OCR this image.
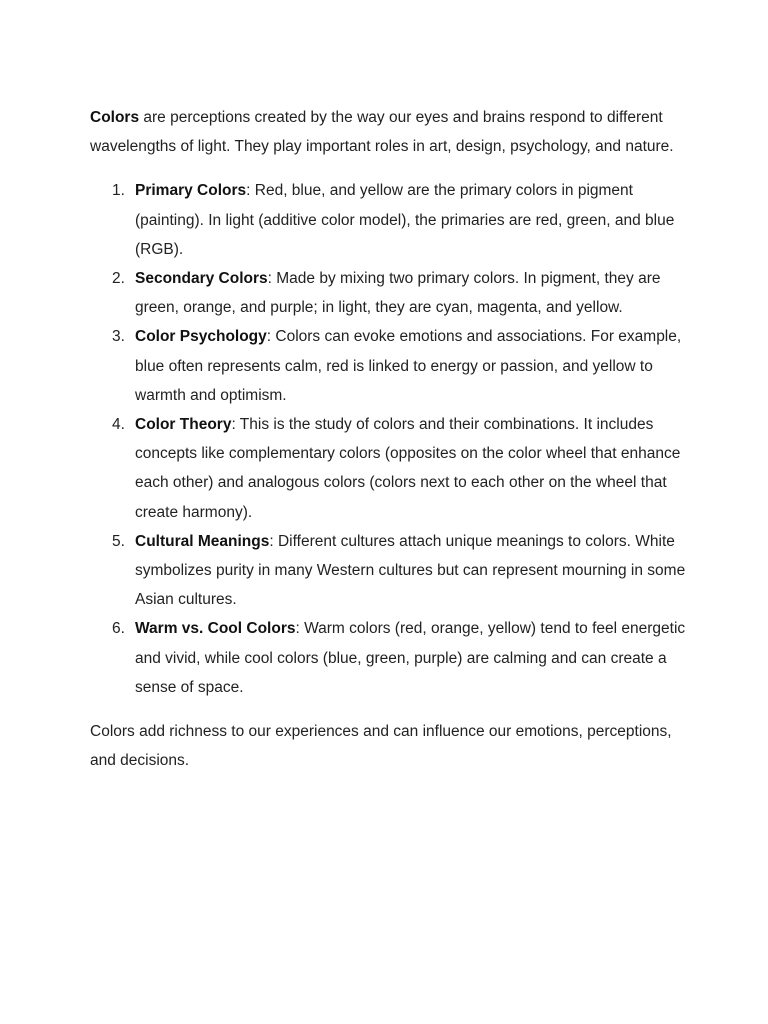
Colors are perceptions created by the way our eyes and brains respond to different wavelengths of light. They play important roles in art, design, psychology, and nature.

1. Primary Colors: Red, blue, and yellow are the primary colors in pigment (painting). In light (additive color model), the primaries are red, green, and blue (RGB).
2. Secondary Colors: Made by mixing two primary colors. In pigment, they are green, orange, and purple; in light, they are cyan, magenta, and yellow.
3. Color Psychology: Colors can evoke emotions and associations. For example, blue often represents calm, red is linked to energy or passion, and yellow to warmth and optimism.
4. Color Theory: This is the study of colors and their combinations. It includes concepts like complementary colors (opposites on the color wheel that enhance each other) and analogous colors (colors next to each other on the wheel that create harmony).
5. Cultural Meanings: Different cultures attach unique meanings to colors. White symbolizes purity in many Western cultures but can represent mourning in some Asian cultures.
6. Warm vs. Cool Colors: Warm colors (red, orange, yellow) tend to feel energetic and vivid, while cool colors (blue, green, purple) are calming and can create a sense of space.

Colors add richness to our experiences and can influence our emotions, perceptions, and decisions.
